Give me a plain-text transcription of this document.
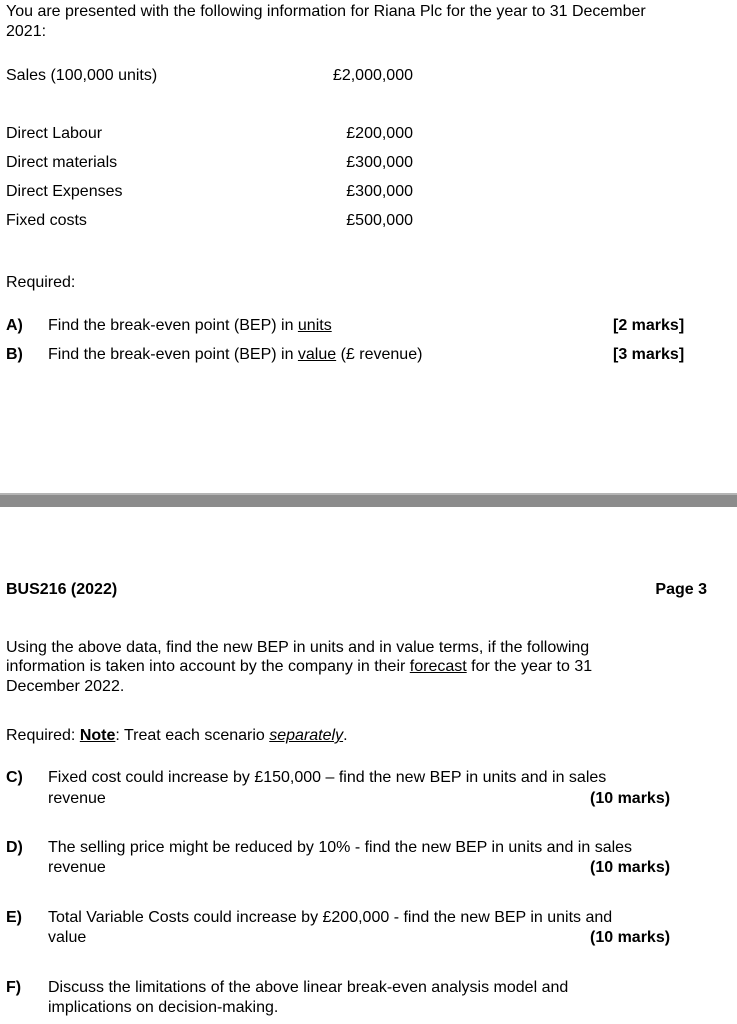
You are presented with the following information for Riana Plc for the year to 31 December
2021:
Sales (100,000 units)	£2,000,000
Direct Labour	£200,000
Direct materials	£300,000
Direct Expenses	£300,000
Fixed costs	£500,000
Required:
A) Find the break-even point (BEP) in units	[2 marks]
B) Find the break-even point (BEP) in value (£ revenue)	[3 marks]
BUS216 (2022)	Page 3
Using the above data, find the new BEP in units and in value terms, if the following
information is taken into account by the company in their forecast for the year to 31
December 2022.
Required: Note: Treat each scenario separately.
C) Fixed cost could increase by £150,000 – find the new BEP in units and in sales
revenue	(10 marks)
D) The selling price might be reduced by 10% - find the new BEP in units and in sales
revenue	(10 marks)
E) Total Variable Costs could increase by £200,000 - find the new BEP in units and
value	(10 marks)
F) Discuss the limitations of the above linear break-even analysis model and
implications on decision-making.
